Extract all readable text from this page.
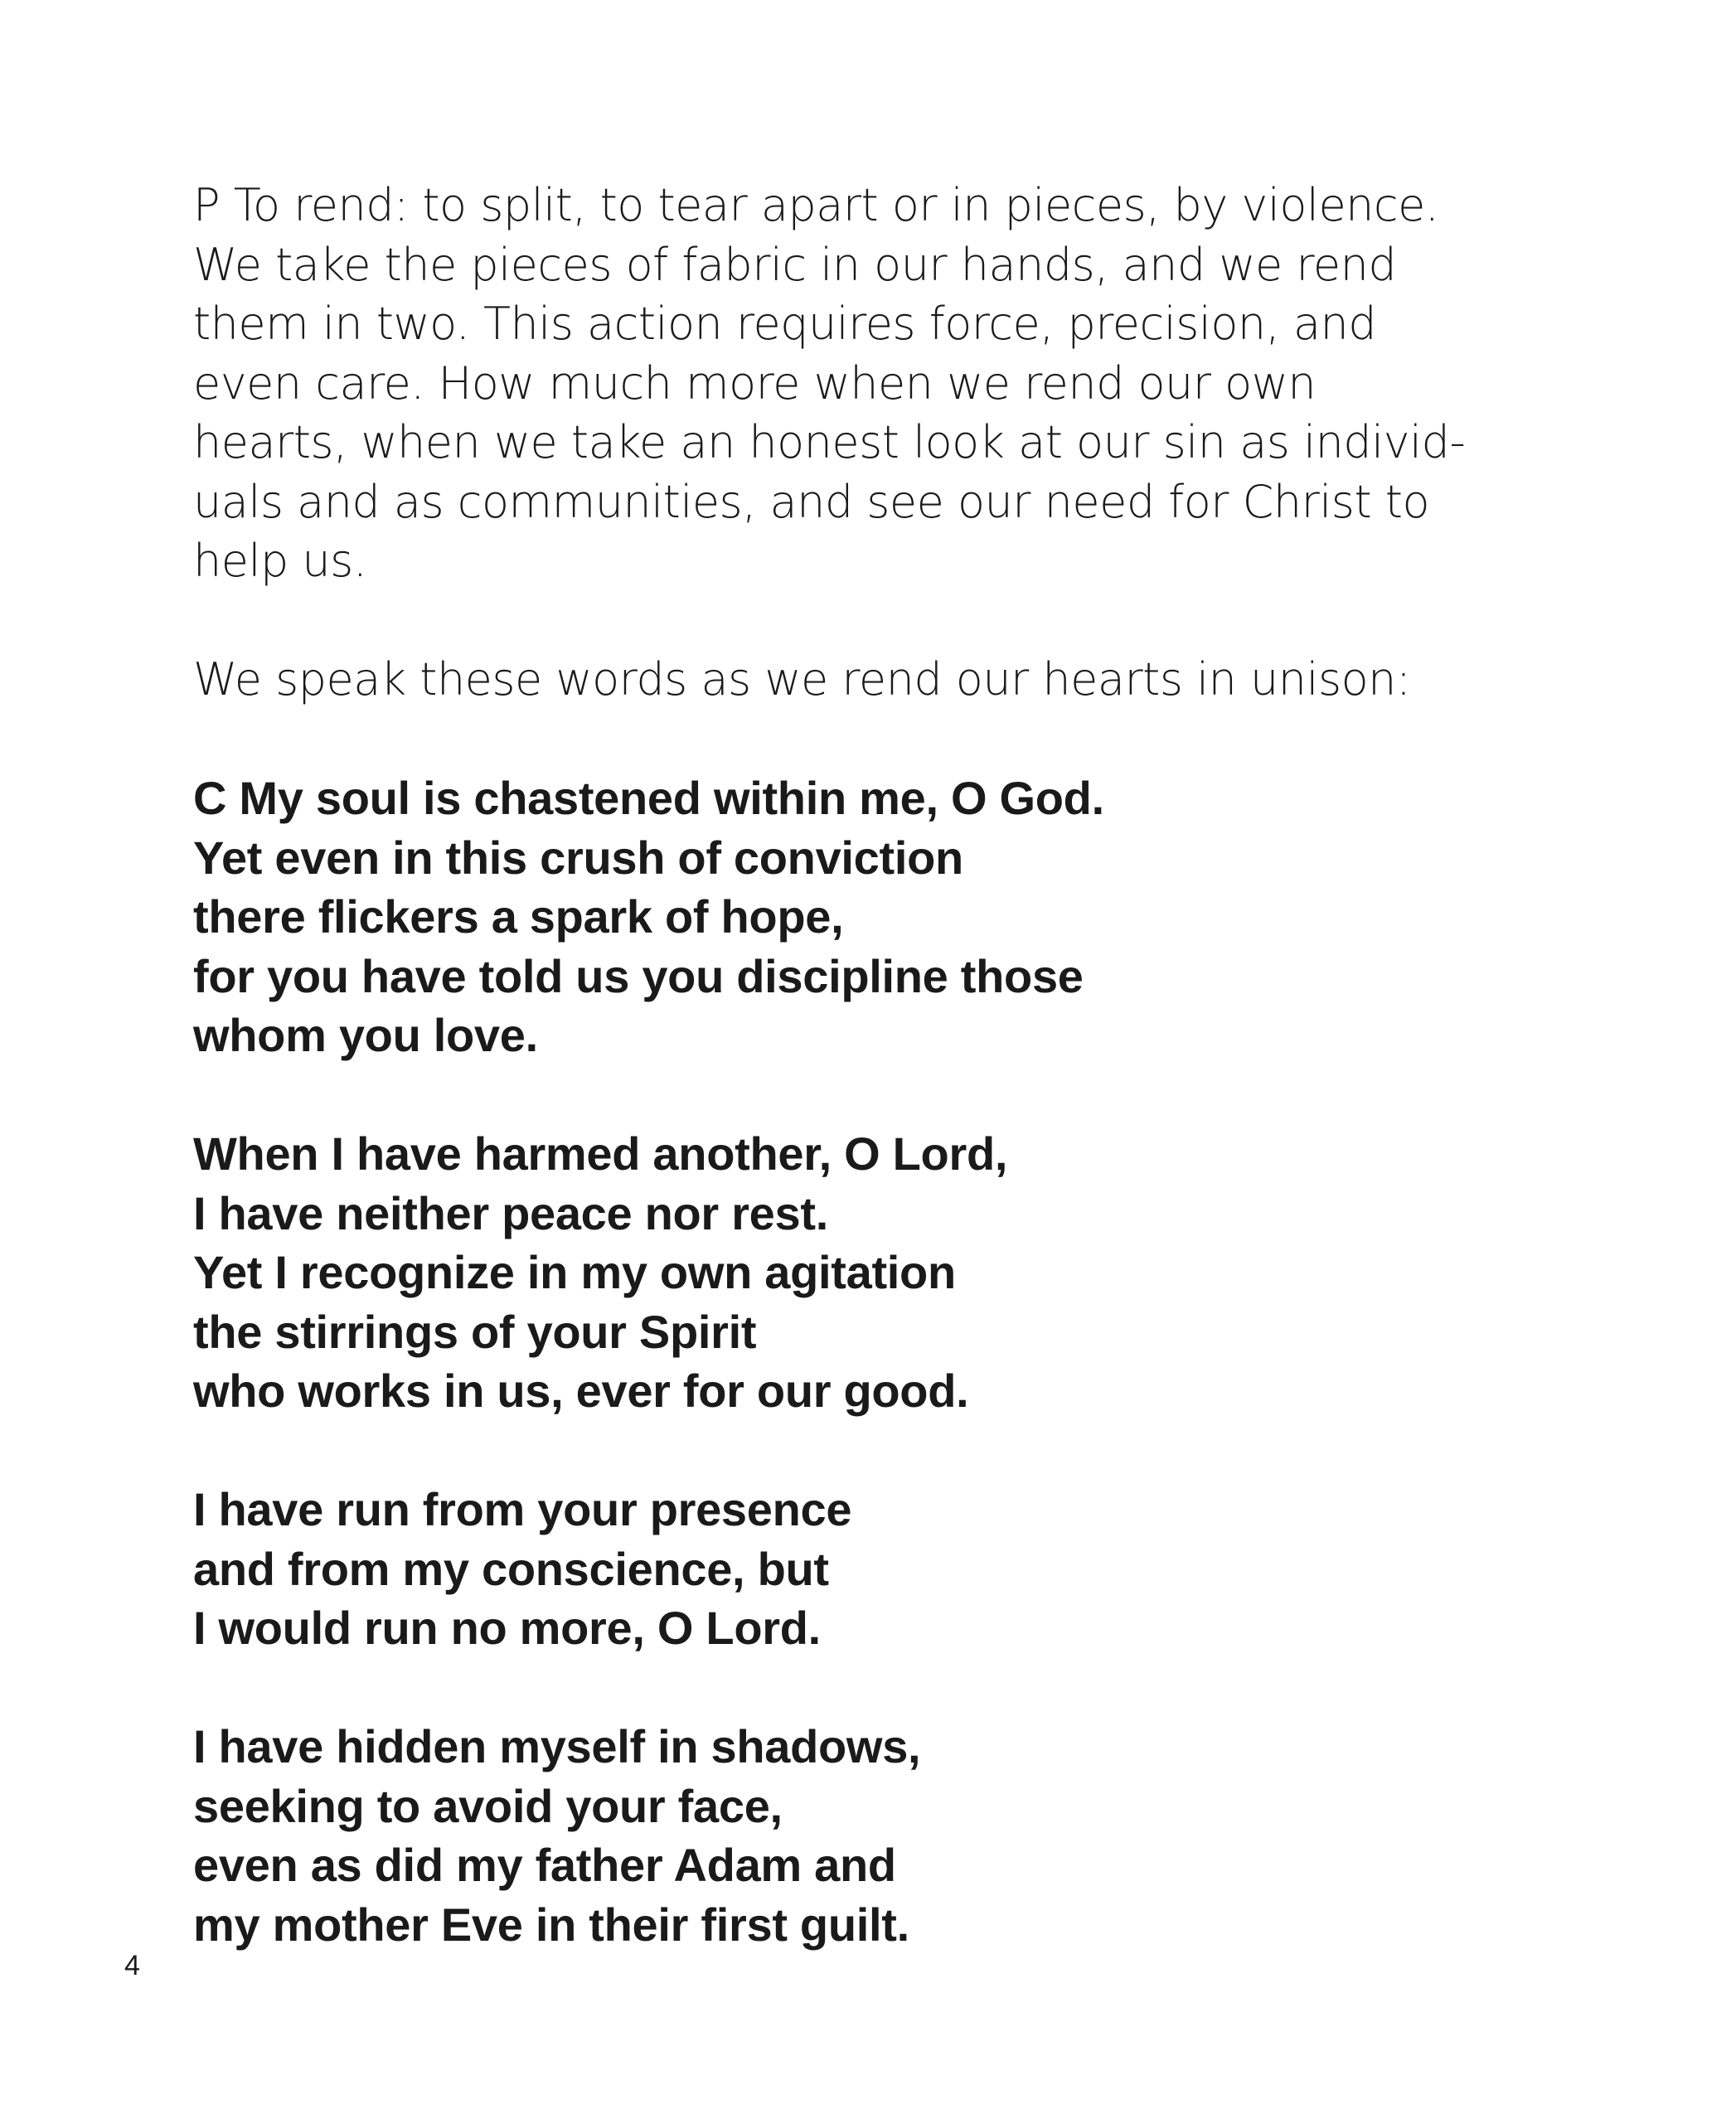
P To rend: to split, to tear apart or in pieces, by violence.
We take the pieces of fabric in our hands, and we rend
them in two. This action requires force, precision, and
even care. How much more when we rend our own
hearts, when we take an honest look at our sin as individ-
uals and as communities, and see our need for Christ to
help us.
We speak these words as we rend our hearts in unison:
C My soul is chastened within me, O God.
Yet even in this crush of conviction
there flickers a spark of hope,
for you have told us you discipline those
whom you love.
When I have harmed another, O Lord,
I have neither peace nor rest.
Yet I recognize in my own agitation
the stirrings of your Spirit
who works in us, ever for our good.
I have run from your presence
and from my conscience, but
I would run no more, O Lord.
I have hidden myself in shadows,
seeking to avoid your face,
even as did my father Adam and
my mother Eve in their first guilt.
4
